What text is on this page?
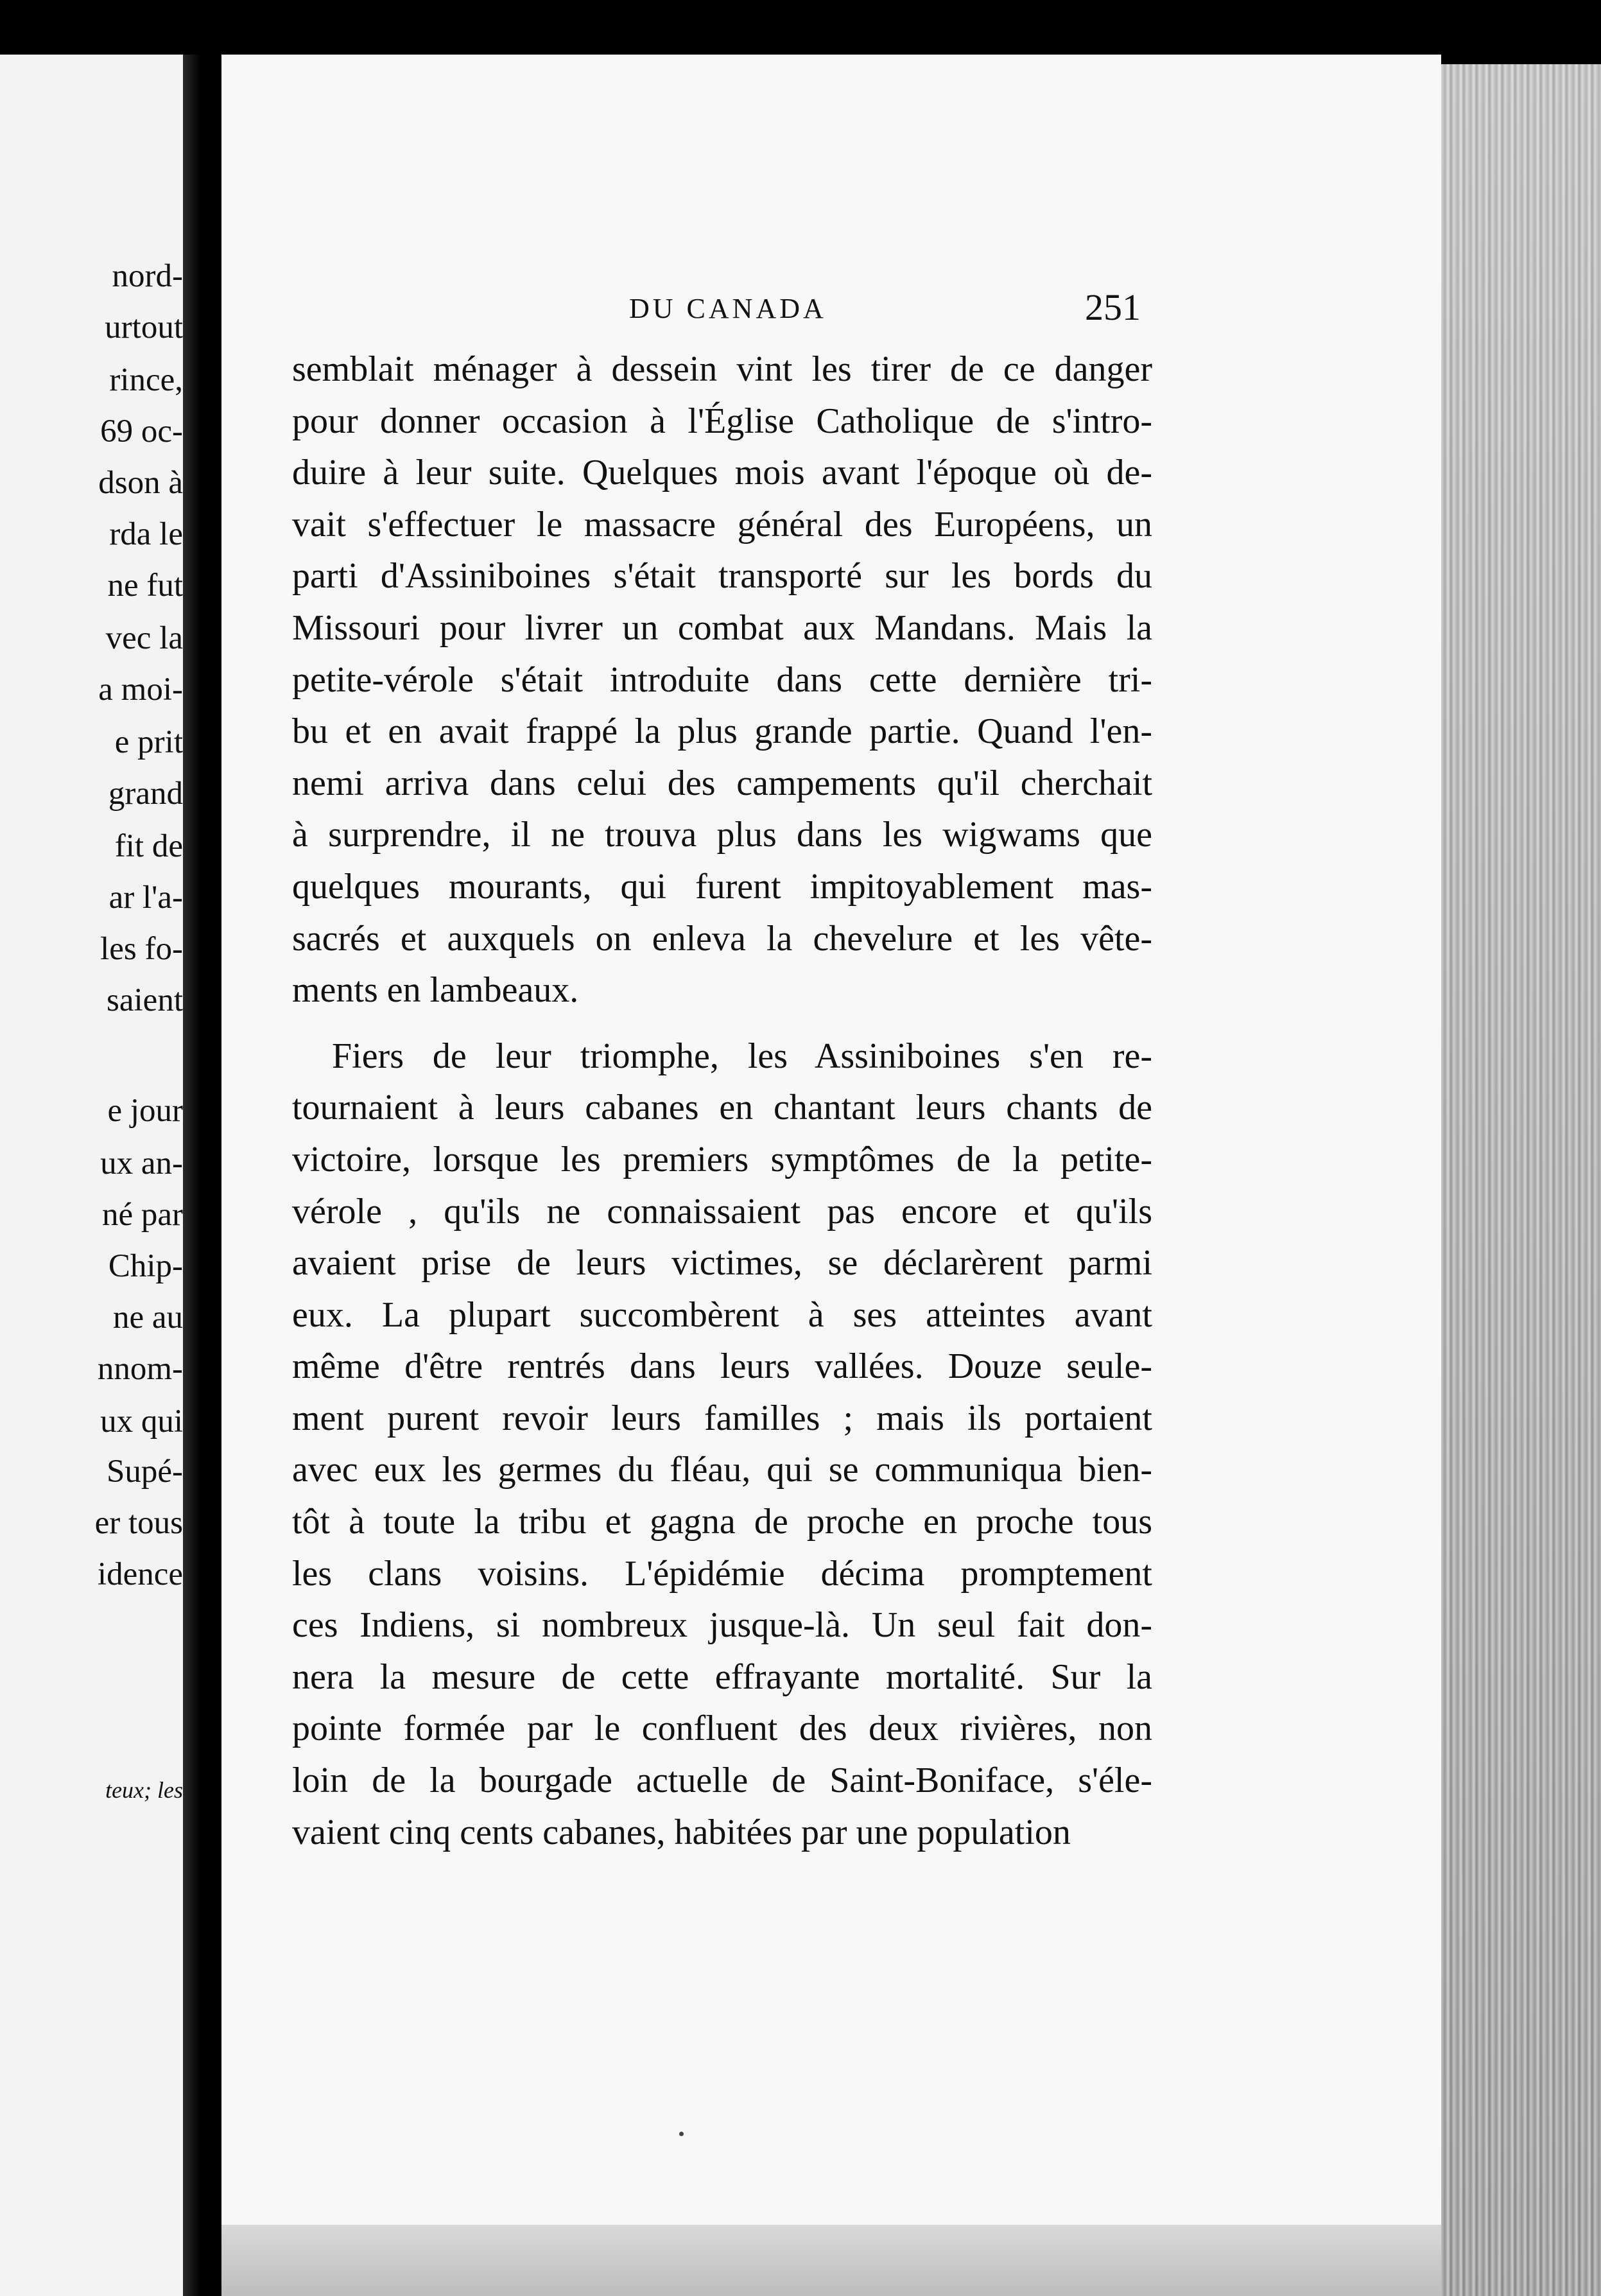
nord-
urtout
rince,
69 oc-
dson à
rda le
ne fut
vec la
a moi-
e prit
grand
fit de
ar l'a-
les fo-
saient
e jour
ux an-
né par
Chip-
ne au
nnom-
ux qui
Supé-
er tous
idence
teux; les
DU CANADA	251
semblait ménager à dessein vint les tirer de ce danger
pour donner occasion à l'Église Catholique de s'intro-
duire à leur suite. Quelques mois avant l'époque où de-
vait s'effectuer le massacre général des Européens, un
parti d'Assiniboines s'était transporté sur les bords du
Missouri pour livrer un combat aux Mandans. Mais la
petite-vérole s'était introduite dans cette dernière tri-
bu et en avait frappé la plus grande partie. Quand l'en-
nemi arriva dans celui des campements qu'il cherchait
à surprendre, il ne trouva plus dans les wigwams que
quelques mourants, qui furent impitoyablement mas-
sacrés et auxquels on enleva la chevelure et les vête-
ments en lambeaux.
Fiers de leur triomphe, les Assiniboines s'en re-
tournaient à leurs cabanes en chantant leurs chants de
victoire, lorsque les premiers symptômes de la petite-
vérole , qu'ils ne connaissaient pas encore et qu'ils
avaient prise de leurs victimes, se déclarèrent parmi
eux. La plupart succombèrent à ses atteintes avant
même d'être rentrés dans leurs vallées. Douze seule-
ment purent revoir leurs familles ; mais ils portaient
avec eux les germes du fléau, qui se communiqua bien-
tôt à toute la tribu et gagna de proche en proche tous
les clans voisins. L'épidémie décima promptement
ces Indiens, si nombreux jusque-là. Un seul fait don-
nera la mesure de cette effrayante mortalité. Sur la
pointe formée par le confluent des deux rivières, non
loin de la bourgade actuelle de Saint-Boniface, s'éle-
vaient cinq cents cabanes, habitées par une population
